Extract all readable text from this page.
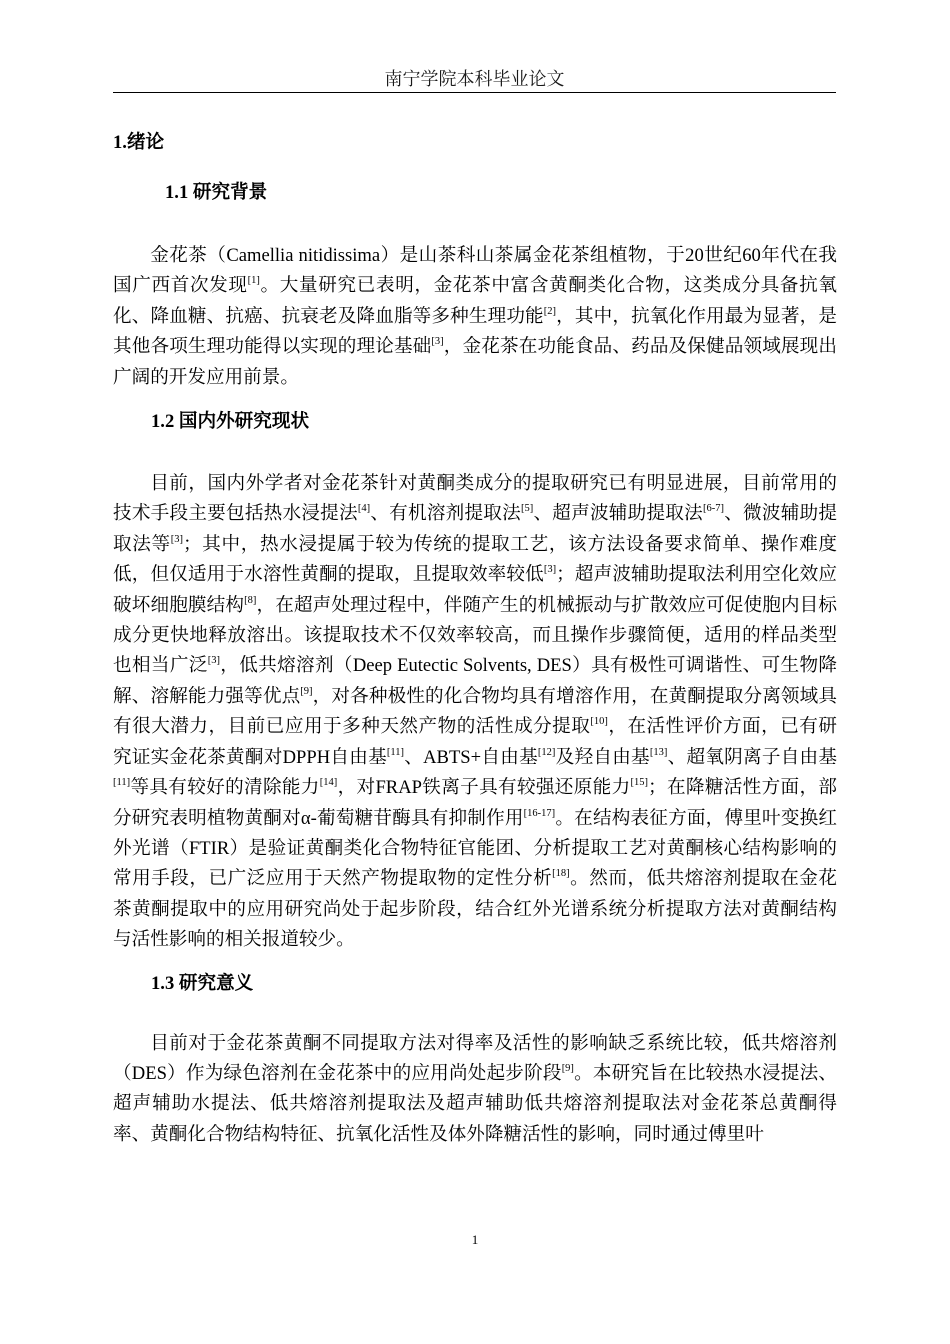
南宁学院本科毕业论文
1.绪论
1.1 研究背景

金花茶（Camellia nitidissima）是山茶科山茶属金花茶组植物，于20世纪60年代在我国广西首次发现[1]。大量研究已表明，金花茶中富含黄酮类化合物，这类成分具备抗氧化、降血糖、抗癌、抗衰老及降血脂等多种生理功能[2]，其中，抗氧化作用最为显著，是其他各项生理功能得以实现的理论基础[3]，金花茶在功能食品、药品及保健品领域展现出广阔的开发应用前景。

1.2 国内外研究现状

目前，国内外学者对金花茶针对黄酮类成分的提取研究已有明显进展，目前常用的技术手段主要包括热水浸提法[4]、有机溶剂提取法[5]、超声波辅助提取法[6-7]、微波辅助提取法等[3]；其中，热水浸提属于较为传统的提取工艺，该方法设备要求简单、操作难度低，但仅适用于水溶性黄酮的提取，且提取效率较低[3]；超声波辅助提取法利用空化效应破坏细胞膜结构[8]，在超声处理过程中，伴随产生的机械振动与扩散效应可促使胞内目标成分更快地释放溶出。该提取技术不仅效率较高，而且操作步骤简便，适用的样品类型也相当广泛[3]，低共熔溶剂（Deep Eutectic Solvents, DES）具有极性可调谐性、可生物降解、溶解能力强等优点[9]，对各种极性的化合物均具有增溶作用，在黄酮提取分离领域具有很大潜力，目前已应用于多种天然产物的活性成分提取[10]，在活性评价方面，已有研究证实金花茶黄酮对DPPH自由基[11]、ABTS+自由基[12]及羟自由基[13]、超氧阴离子自由基[11]等具有较好的清除能力[14]，对FRAP铁离子具有较强还原能力[15]；在降糖活性方面，部分研究表明植物黄酮对α-葡萄糖苷酶具有抑制作用[16-17]。在结构表征方面，傅里叶变换红外光谱（FTIR）是验证黄酮类化合物特征官能团、分析提取工艺对黄酮核心结构影响的常用手段，已广泛应用于天然产物提取物的定性分析[18]。然而，低共熔溶剂提取在金花茶黄酮提取中的应用研究尚处于起步阶段，结合红外光谱系统分析提取方法对黄酮结构与活性影响的相关报道较少。

1.3 研究意义

目前对于金花茶黄酮不同提取方法对得率及活性的影响缺乏系统比较，低共熔溶剂（DES）作为绿色溶剂在金花茶中的应用尚处起步阶段[9]。本研究旨在比较热水浸提法、超声辅助水提法、低共熔溶剂提取法及超声辅助低共熔溶剂提取法对金花茶总黄酮得率、黄酮化合物结构特征、抗氧化活性及体外降糖活性的影响，同时通过傅里叶

1
